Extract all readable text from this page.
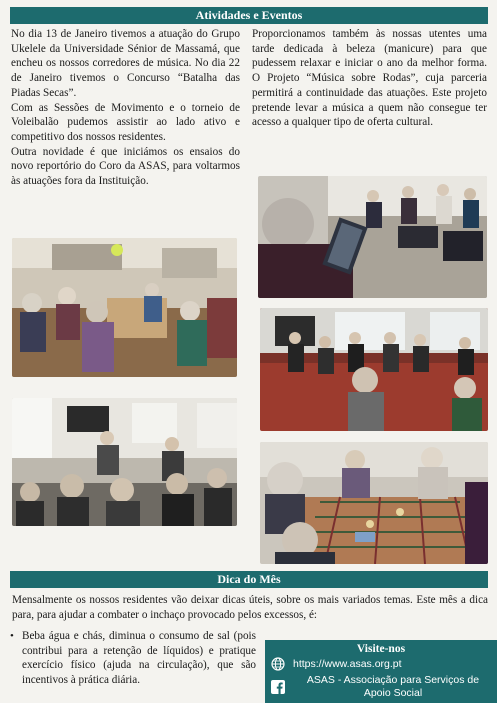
Atividades e Eventos

No dia 13 de Janeiro tivemos a atuação do Grupo Ukelele da Universidade Sénior de Massamá, que encheu os nossos corredores de música. No dia 22 de Janeiro tivemos o Concurso “Batalha das Piadas Secas”.

Com as Sessões de Movimento e o torneio de Voleibalão pudemos assistir ao lado ativo e competitivo dos nossos residentes.

Outra novidade é que iniciámos os ensaios do novo reportório do Coro da ASAS, para voltarmos às atuações fora da Instituição.

Proporcionamos também às nossas utentes uma tarde dedicada à beleza (manicure) para que pudessem relaxar e iniciar o ano da melhor forma. O Projeto “Música sobre Rodas”, cuja parceria permitirá a continuidade das atuações. Este projeto pretende levar a música a quem não consegue ter acesso a qualquer tipo de oferta cultural.

Dica do Mês

Mensalmente os nossos residentes vão deixar dicas úteis, sobre os mais variados temas. Este mês a dica para, para ajudar a combater o inchaço provocado pelos excessos, é:

• Beba água e chás, diminua o consumo de sal (pois contribui para a retenção de líquidos) e pratique exercício físico (ajuda na circulação), que são incentivos à prática diária.
Visite-nos
https://www.asas.org.pt
ASAS - Associação para Serviços de Apoio Social
